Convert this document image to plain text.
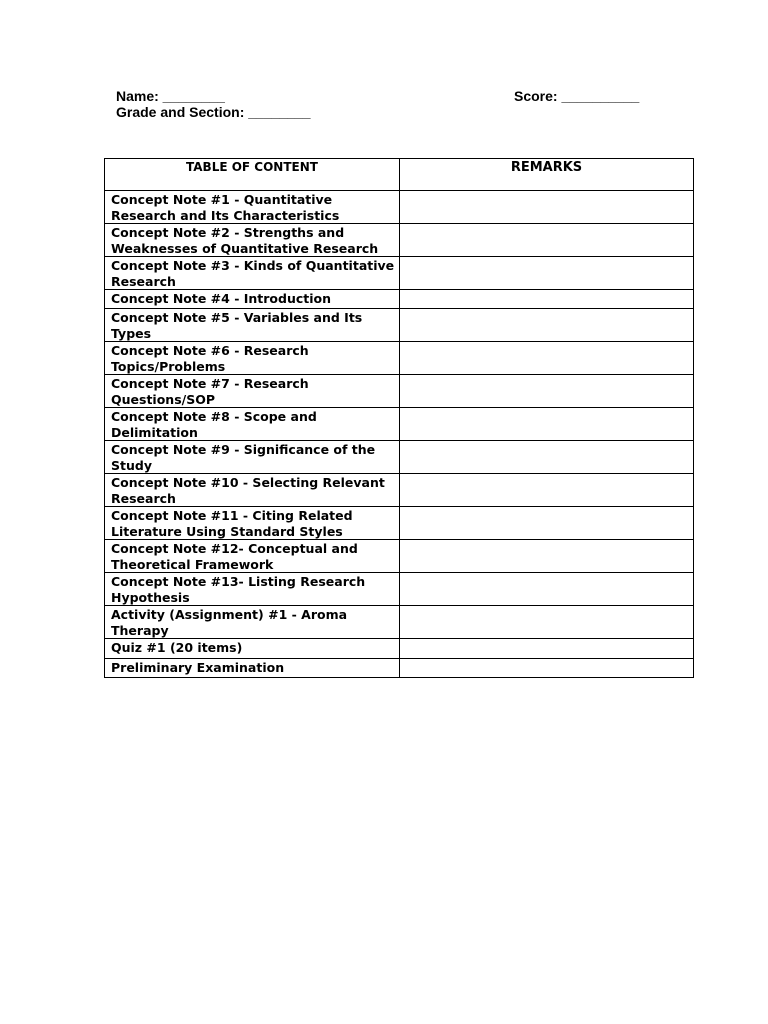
Name: ________
Grade and Section: ________
Score: __________
TABLE OF CONTENT	REMARKS
Concept Note #1 - Quantitative Research and Its Characteristics	
Concept Note #2 - Strengths and Weaknesses of Quantitative Research	
Concept Note #3 - Kinds of Quantitative Research	
Concept Note #4 - Introduction	
Concept Note #5 - Variables and Its Types	
Concept Note #6 - Research Topics/Problems	
Concept Note #7 - Research Questions/SOP	
Concept Note #8 - Scope and Delimitation	
Concept Note #9 - Significance of the Study	
Concept Note #10 - Selecting Relevant Research	
Concept Note #11 - Citing Related Literature Using Standard Styles	
Concept Note #12- Conceptual and Theoretical Framework	
Concept Note #13- Listing Research Hypothesis	
Activity (Assignment) #1 - Aroma Therapy	
Quiz #1 (20 items)	
Preliminary Examination	
